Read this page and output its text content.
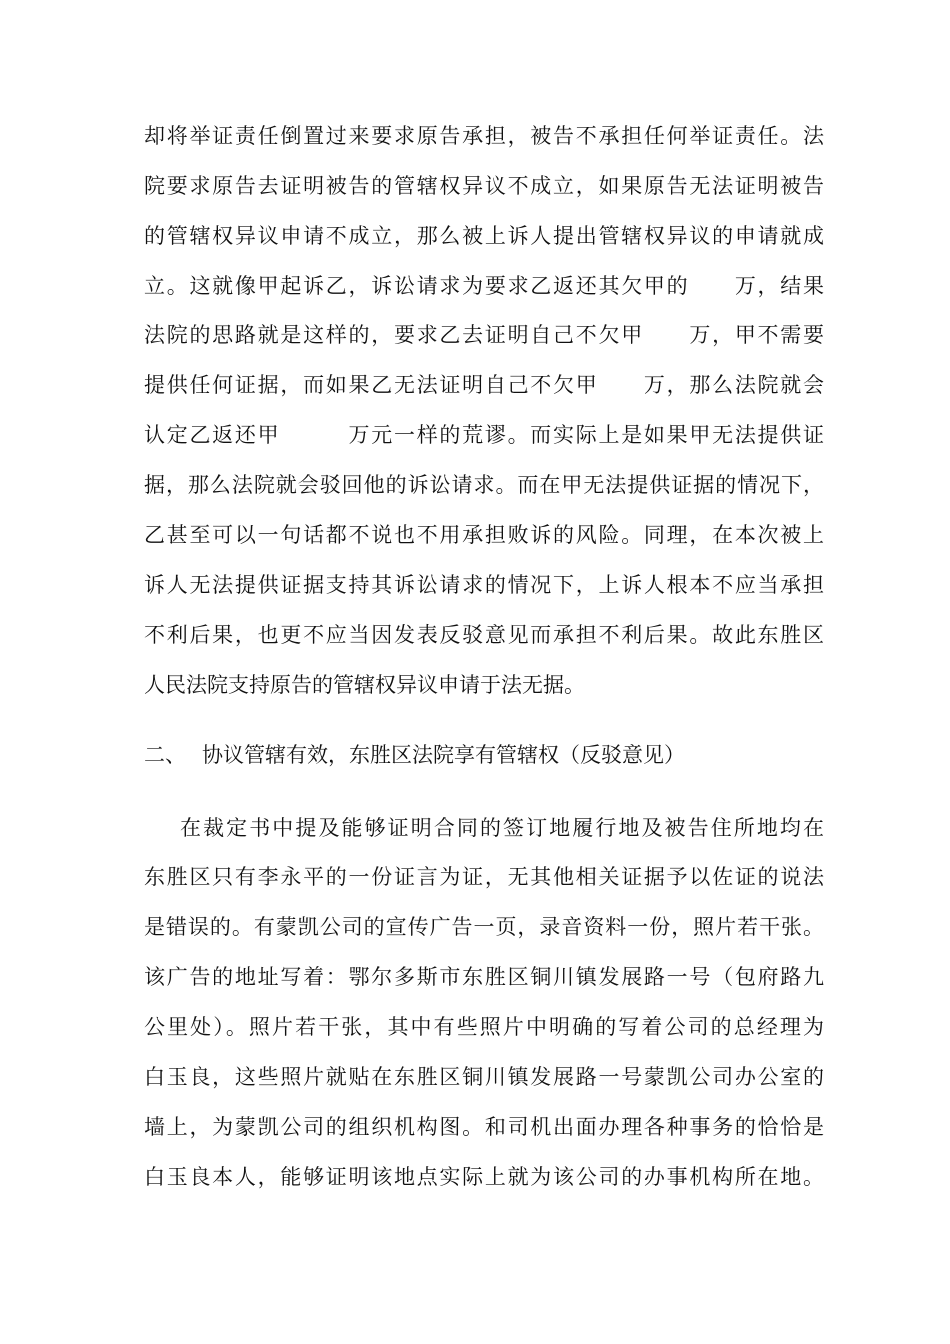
却将举证责任倒置过来要求原告承担，被告不承担任何举证责任。法
院要求原告去证明被告的管辖权异议不成立，如果原告无法证明被告
的管辖权异议申请不成立，那么被上诉人提出管辖权异议的申请就成
立。这就像甲起诉乙，诉讼请求为要求乙返还其欠甲的　　万，结果
法院的思路就是这样的，要求乙去证明自己不欠甲　　万，甲不需要
提供任何证据，而如果乙无法证明自己不欠甲　　万，那么法院就会
认定乙返还甲　　　万元一样的荒谬。而实际上是如果甲无法提供证
据，那么法院就会驳回他的诉讼请求。而在甲无法提供证据的情况下，
乙甚至可以一句话都不说也不用承担败诉的风险。同理，在本次被上
诉人无法提供证据支持其诉讼请求的情况下，上诉人根本不应当承担
不利后果，也更不应当因发表反驳意见而承担不利后果。故此东胜区
人民法院支持原告的管辖权异议申请于法无据。
二、 协议管辖有效，东胜区法院享有管辖权（反驳意见）
在裁定书中提及能够证明合同的签订地履行地及被告住所地均在
东胜区只有李永平的一份证言为证，无其他相关证据予以佐证的说法
是错误的。有蒙凯公司的宣传广告一页，录音资料一份，照片若干张。
该广告的地址写着：鄂尔多斯市东胜区铜川镇发展路一号（包府路九
公里处）。照片若干张，其中有些照片中明确的写着公司的总经理为
白玉良，这些照片就贴在东胜区铜川镇发展路一号蒙凯公司办公室的
墙上，为蒙凯公司的组织机构图。和司机出面办理各种事务的恰恰是
白玉良本人，能够证明该地点实际上就为该公司的办事机构所在地。
